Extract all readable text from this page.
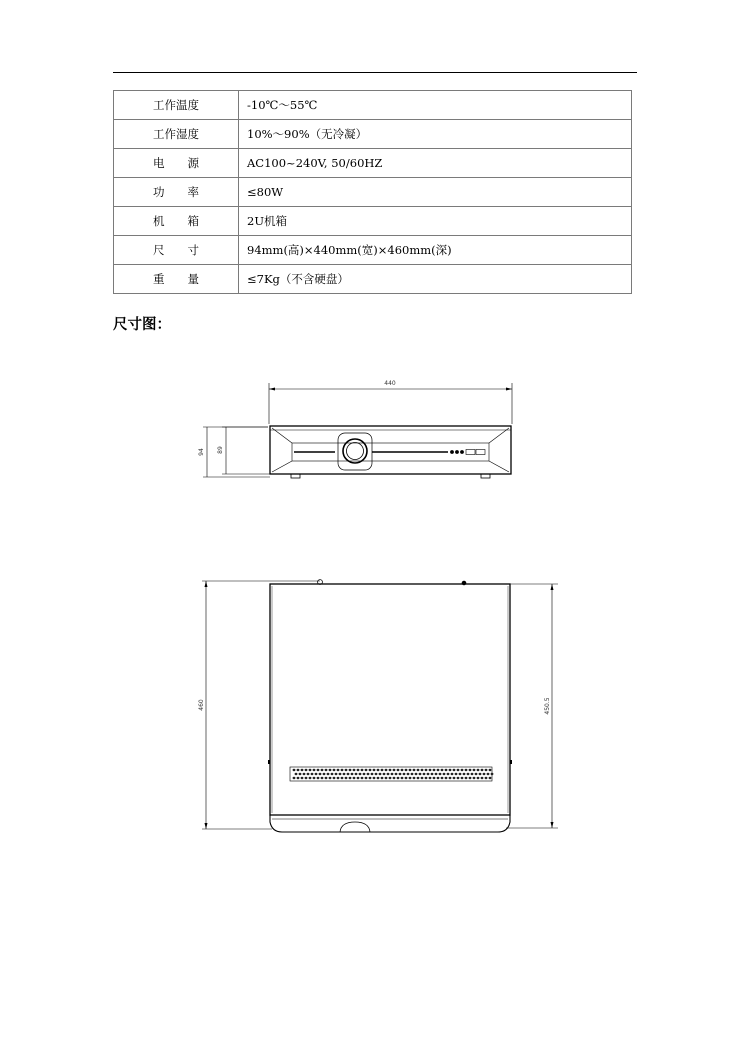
工作温度	-10℃～55℃
工作湿度	10%～90%（无冷凝）
电　　源	AC100~240V, 50/60HZ
功　　率	≤80W
机　　箱	2U机箱
尺　　寸	94mm(高)×440mm(宽)×460mm(深)
重　　量	≤7Kg（不含硬盘）
尺寸图：
440
94 89
460	450.5
